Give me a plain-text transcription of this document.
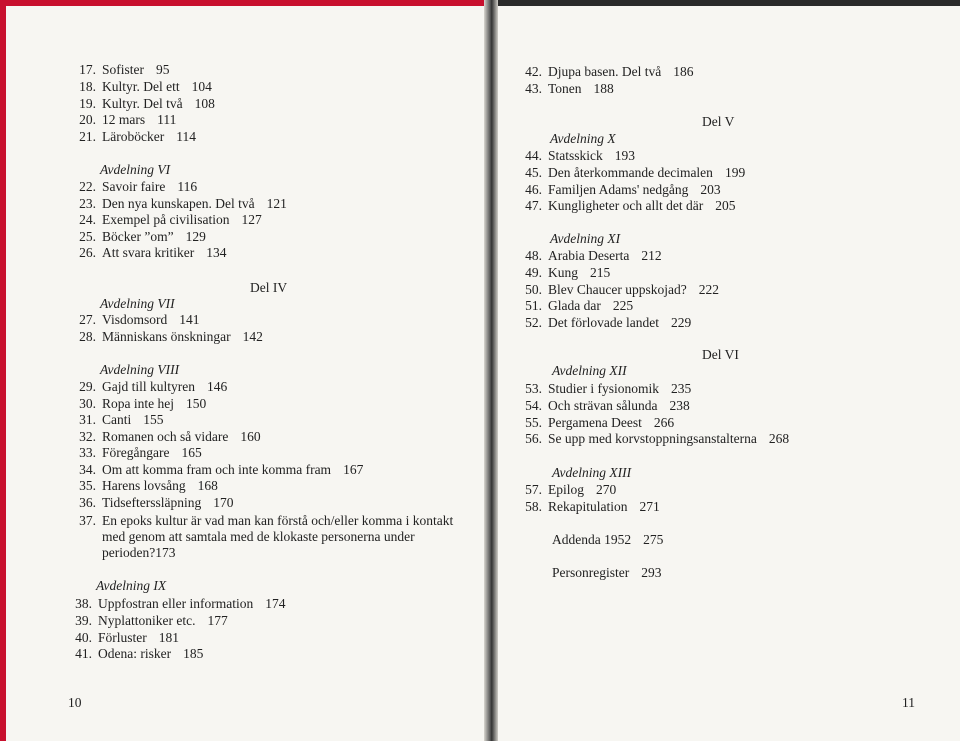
17. Sofister 95
18. Kultyr. Del ett 104
19. Kultyr. Del två 108
20. 12 mars 111
21. Läroböcker 114
Avdelning VI
22. Savoir faire 116
23. Den nya kunskapen. Del två 121
24. Exempel på civilisation 127
25. Böcker ”om” 129
26. Att svara kritiker 134
Del IV
Avdelning VII
27. Visdomsord 141
28. Människans önskningar 142
Avdelning VIII
29. Gajd till kultyren 146
30. Ropa inte hej 150
31. Canti 155
32. Romanen och så vidare 160
33. Föregångare 165
34. Om att komma fram och inte komma fram 167
35. Harens lovsång 168
36. Tidsefterssläpning 170
37. En epoks kultur är vad man kan förstå och/eller komma i kontakt
med genom att samtala med de klokaste personerna under
perioden?173
Avdelning IX
38. Uppfostran eller information 174
39. Nyplattoniker etc. 177
40. Förluster 181
41. Odena: risker 185
10
42. Djupa basen. Del två 186
43. Tonen 188
Del V
Avdelning X
44. Statsskick 193
45. Den återkommande decimalen 199
46. Familjen Adams' nedgång 203
47. Kungligheter och allt det där 205
Avdelning XI
48. Arabia Deserta 212
49. Kung 215
50. Blev Chaucer uppskojad? 222
51. Glada dar 225
52. Det förlovade landet 229
Del VI
Avdelning XII
53. Studier i fysionomik 235
54. Och strävan sålunda 238
55. Pergamena Deest 266
56. Se upp med korvstoppningsanstalterna 268
Avdelning XIII
57. Epilog 270
58. Rekapitulation 271
Addenda 1952 275
Personregister 293
11
